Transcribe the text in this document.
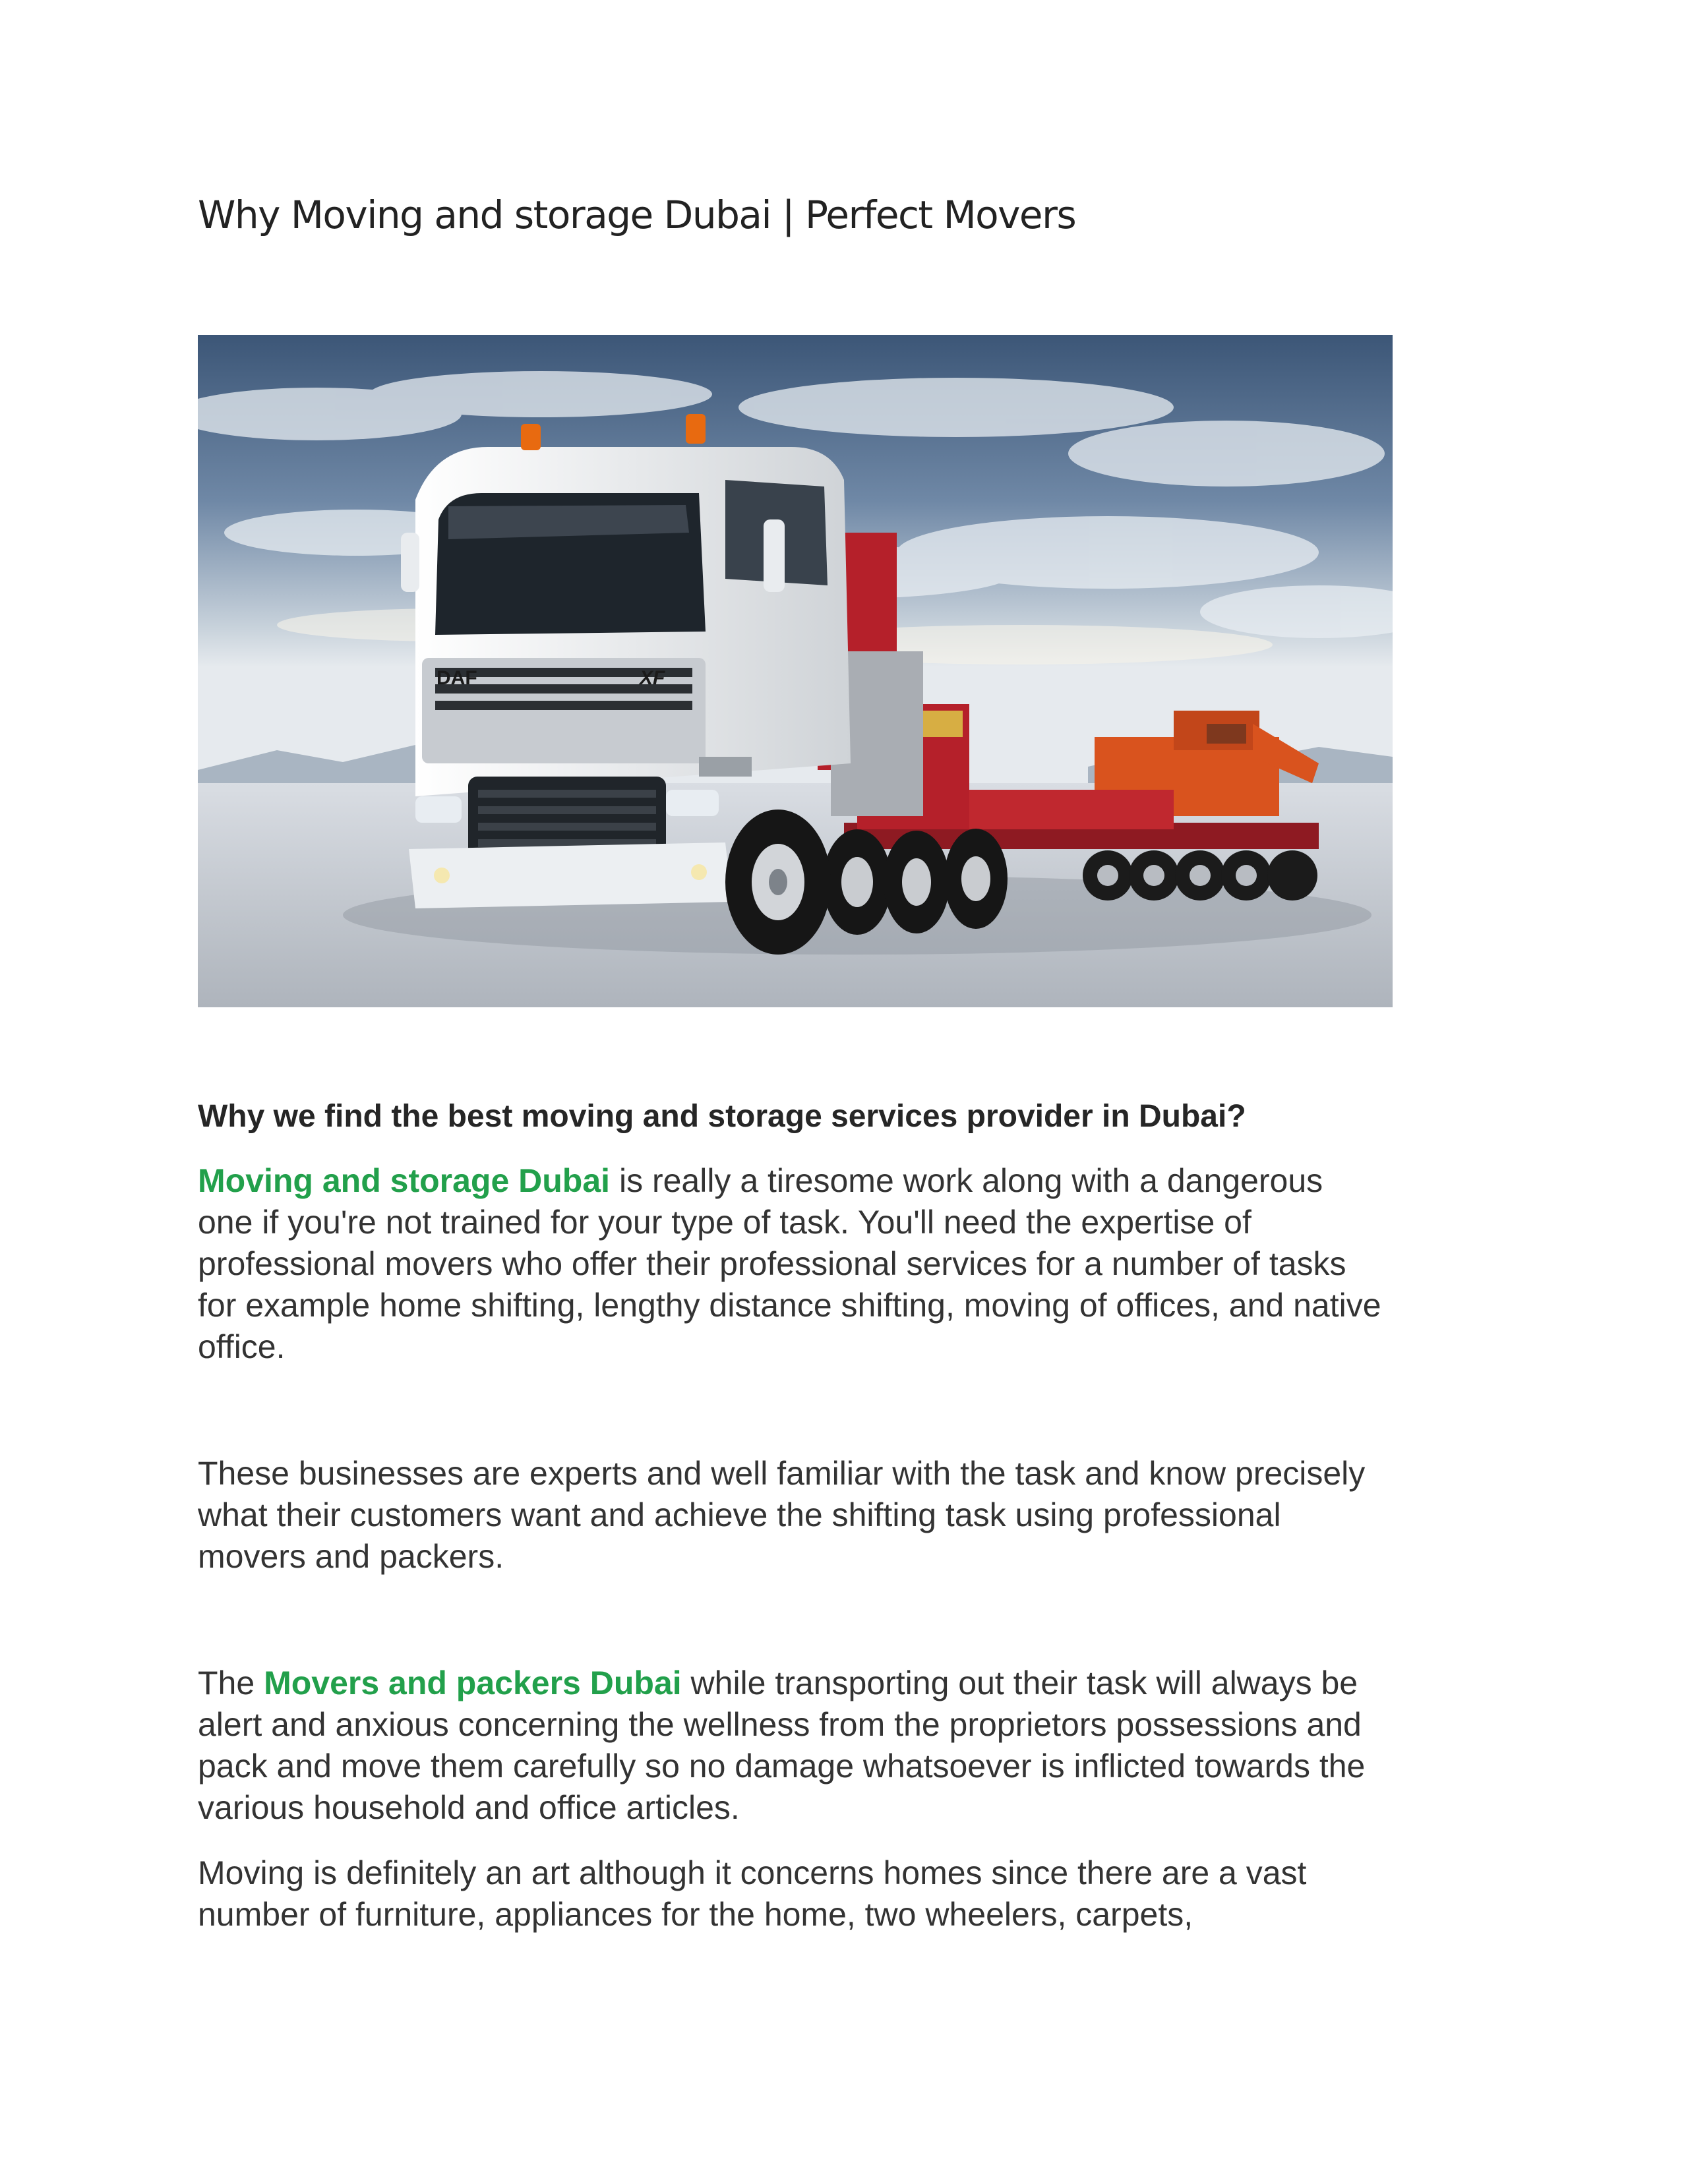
Why Moving and storage Dubai | Perfect Movers
DAF	XF
Why we find the best moving and storage services provider in Dubai?

Moving and storage Dubai is really a tiresome work along with a dangerous
one if you're not trained for your type of task. You'll need the expertise of
professional movers who offer their professional services for a number of tasks
for example home shifting, lengthy distance shifting, moving of offices, and native
office.

These businesses are experts and well familiar with the task and know precisely
what their customers want and achieve the shifting task using professional
movers and packers.

The Movers and packers Dubai while transporting out their task will always be
alert and anxious concerning the wellness from the proprietors possessions and
pack and move them carefully so no damage whatsoever is inflicted towards the
various household and office articles.

Moving is definitely an art although it concerns homes since there are a vast
number of furniture, appliances for the home, two wheelers, carpets,
